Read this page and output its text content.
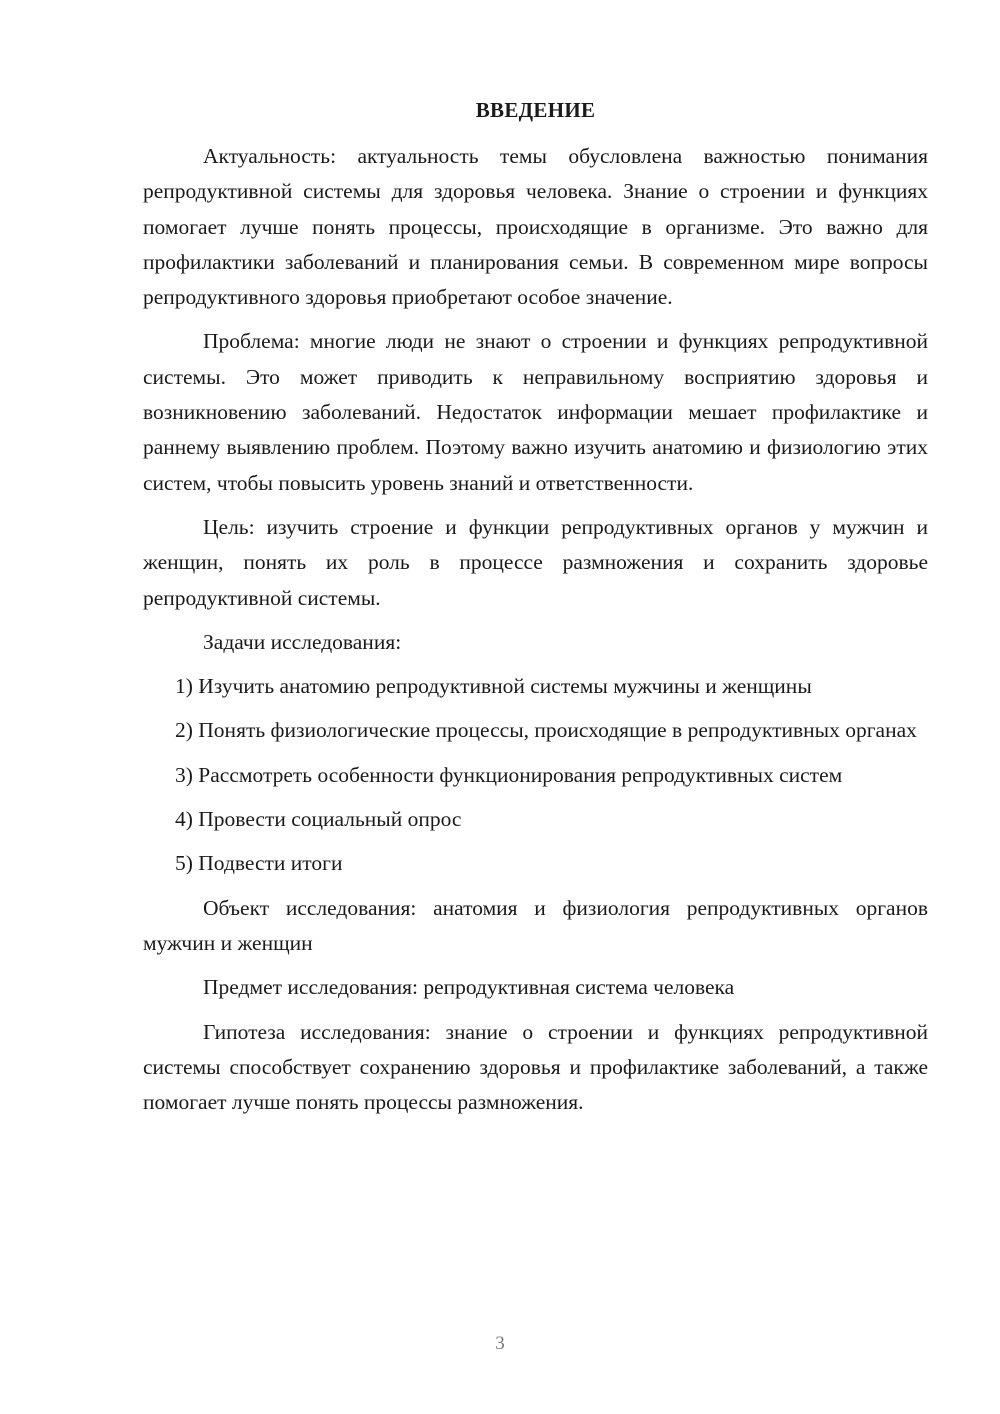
ВВЕДЕНИЕ

Актуальность: актуальность темы обусловлена важностью понимания репродуктивной системы для здоровья человека. Знание о строении и функциях помогает лучше понять процессы, происходящие в организме. Это важно для профилактики заболеваний и планирования семьи. В современном мире вопросы репродуктивного здоровья приобретают особое значение.

Проблема: многие люди не знают о строении и функциях репродуктивной системы. Это может приводить к неправильному восприятию здоровья и возникновению заболеваний. Недостаток информации мешает профилактике и раннему выявлению проблем. Поэтому важно изучить анатомию и физиологию этих систем, чтобы повысить уровень знаний и ответственности.

Цель: изучить строение и функции репродуктивных органов у мужчин и женщин, понять их роль в процессе размножения и сохранить здоровье репродуктивной системы.

Задачи исследования:

1) Изучить анатомию репродуктивной системы мужчины и женщины

2) Понять физиологические процессы, происходящие в репродуктивных органах

3) Рассмотреть особенности функционирования репродуктивных систем

4) Провести социальный опрос

5) Подвести итоги

Объект исследования: анатомия и физиология репродуктивных органов мужчин и женщин

Предмет исследования: репродуктивная система человека

Гипотеза исследования: знание о строении и функциях репродуктивной системы способствует сохранению здоровья и профилактике заболеваний, а также помогает лучше понять процессы размножения.

3
